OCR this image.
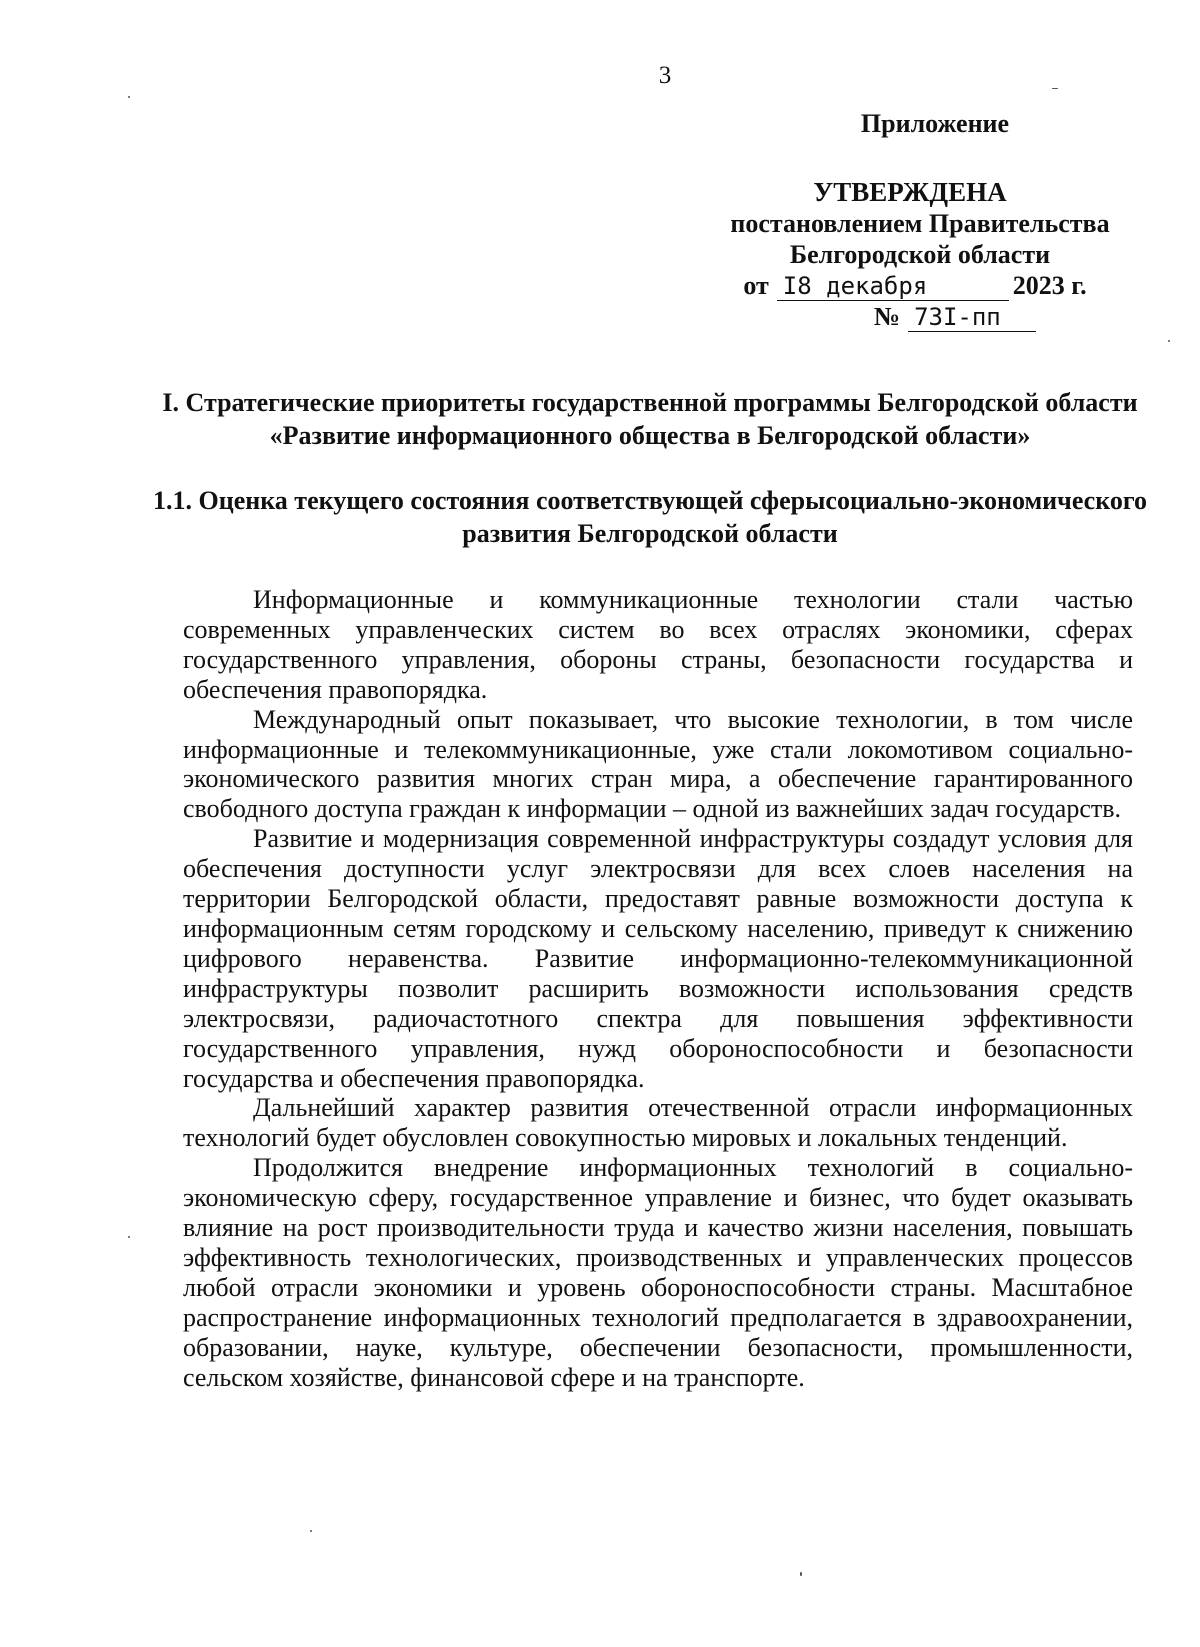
3
Приложение
УТВЕРЖДЕНА
постановлением Правительства
Белгородской области
от I8 декабря	2023 г.
№ 73I-пп
I. Стратегические приоритеты государственной программы Белгородской области «Развитие информационного общества в Белгородской области»
1.1. Оценка текущего состояния соответствующей сферысоциально-экономического развития Белгородской области

Информационные и коммуникационные технологии стали частью современных управленческих систем во всех отраслях экономики, сферах государственного управления, обороны страны, безопасности государства и обеспечения правопорядка.

Международный опыт показывает, что высокие технологии, в том числе информационные и телекоммуникационные, уже стали локомотивом социально-экономического развития многих стран мира, а обеспечение гарантированного свободного доступа граждан к информации – одной из важнейших задач государств.

Развитие и модернизация современной инфраструктуры создадут условия для обеспечения доступности услуг электросвязи для всех слоев населения на территории Белгородской области, предоставят равные возможности доступа к информационным сетям городскому и сельскому населению, приведут к снижению цифрового неравенства. Развитие информационно-телекоммуникационной инфраструктуры позволит расширить возможности использования средств электросвязи, радиочастотного спектра для повышения эффективности государственного управления, нужд обороноспособности и безопасности государства и обеспечения правопорядка.

Дальнейший характер развития отечественной отрасли информационных технологий будет обусловлен совокупностью мировых и локальных тенденций.

Продолжится внедрение информационных технологий в социально-экономическую сферу, государственное управление и бизнес, что будет оказывать влияние на рост производительности труда и качество жизни населения, повышать эффективность технологических, производственных и управленческих процессов любой отрасли экономики и уровень обороноспособности страны. Масштабное распространение информационных технологий предполагается в здравоохранении, образовании, науке, культуре, обеспечении безопасности, промышленности, сельском хозяйстве, финансовой сфере и на транспорте.
